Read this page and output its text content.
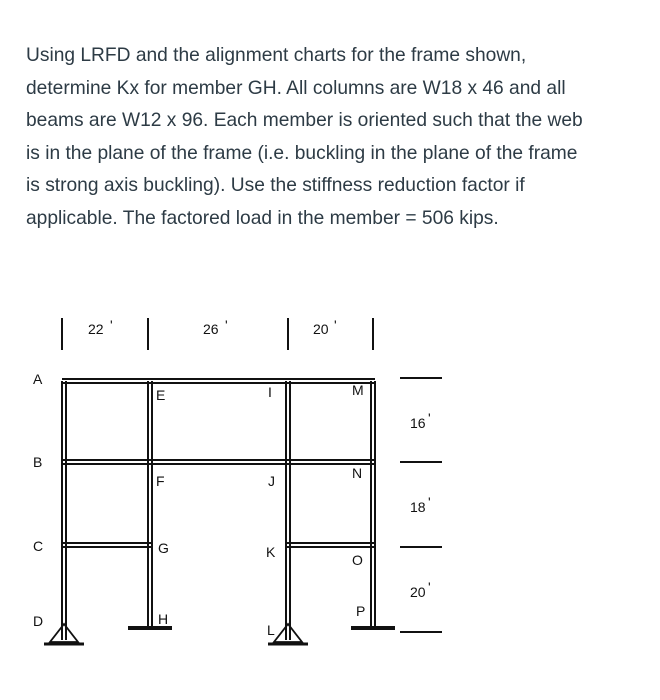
Using LRFD and the alignment charts for the frame shown,
determine Kx for member GH. All columns are W18 x 46 and all
beams are W12 x 96. Each member is oriented such that the web
is in the plane of the frame (i.e. buckling in the plane of the frame
is strong axis buckling). Use the stiffness reduction factor if
applicable. The factored load in the member = 506 kips.
22 '	26 '	20 '
A
B
C
D
E
F
G
H
I
J
K
L
M
N
O
P
16 '
18 '
20 '
